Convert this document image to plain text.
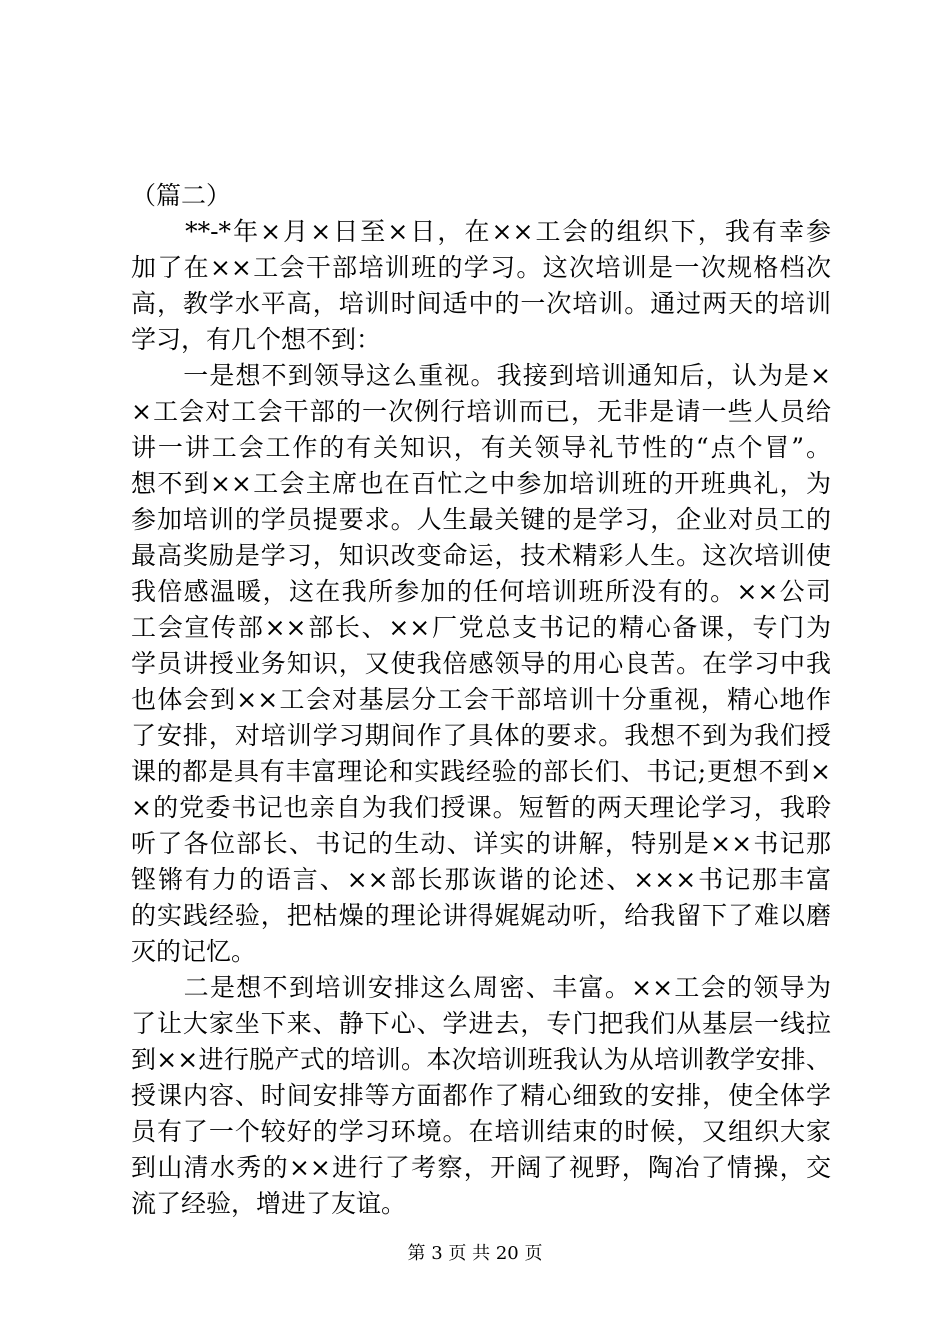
（篇二）
　　**-*年×月×日至×日，在××工会的组织下，我有幸参
加了在××工会干部培训班的学习。这次培训是一次规格档次
高，教学水平高，培训时间适中的一次培训。通过两天的培训
学习，有几个想不到：
　　一是想不到领导这么重视。我接到培训通知后，认为是×
×工会对工会干部的一次例行培训而已，无非是请一些人员给
讲一讲工会工作的有关知识，有关领导礼节性的“点个冒”。
想不到××工会主席也在百忙之中参加培训班的开班典礼，为
参加培训的学员提要求。人生最关键的是学习，企业对员工的
最高奖励是学习，知识改变命运，技术精彩人生。这次培训使
我倍感温暖，这在我所参加的任何培训班所没有的。××公司
工会宣传部××部长、××厂党总支书记的精心备课，专门为
学员讲授业务知识，又使我倍感领导的用心良苦。在学习中我
也体会到××工会对基层分工会干部培训十分重视，精心地作
了安排，对培训学习期间作了具体的要求。我想不到为我们授
课的都是具有丰富理论和实践经验的部长们、书记;更想不到×
×的党委书记也亲自为我们授课。短暂的两天理论学习，我聆
听了各位部长、书记的生动、详实的讲解，特别是××书记那
铿锵有力的语言、××部长那诙谐的论述、×××书记那丰富
的实践经验，把枯燥的理论讲得娓娓动听，给我留下了难以磨
灭的记忆。
　　二是想不到培训安排这么周密、丰富。××工会的领导为
了让大家坐下来、静下心、学进去，专门把我们从基层一线拉
到××进行脱产式的培训。本次培训班我认为从培训教学安排、
授课内容、时间安排等方面都作了精心细致的安排，使全体学
员有了一个较好的学习环境。在培训结束的时候，又组织大家
到山清水秀的××进行了考察，开阔了视野，陶冶了情操，交
流了经验，增进了友谊。
第 3 页 共 20 页
